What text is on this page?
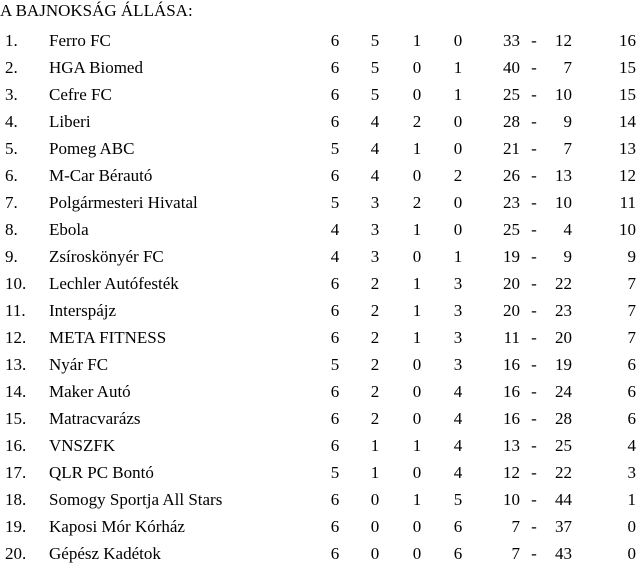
A BAJNOKSÁG ÁLLÁSA:
1. Ferro FC	6	5	1	0	33 -	12	16
2. HGA Biomed	6	5	0	1	40 -	7	15
3. Cefre FC	6	5	0	1	25 -	10	15
4. Liberi	6	4	2	0	28 -	9	14
5. Pomeg ABC	5	4	1	0	21 -	7	13
6. M-Car Bérautó	6	4	0	2	26 -	13	12
7. Polgármesteri Hivatal	5	3	2	0	23 -	10	11
8. Ebola	4	3	1	0	25 -	4	10
9. Zsíroskönyér FC	4	3	0	1	19 -	9	9
10. Lechler Autófesték	6	2	1	3	20 -	22	7
11. Interspájz	6	2	1	3	20 -	23	7
12. META FITNESS	6	2	1	3	11 -	20	7
13. Nyár FC	5	2	0	3	16 -	19	6
14. Maker Autó	6	2	0	4	16 -	24	6
15. Matracvarázs	6	2	0	4	16 -	28	6
16. VNSZFK	6	1	1	4	13 -	25	4
17. QLR PC Bontó	5	1	0	4	12 -	22	3
18. Somogy Sportja All Stars	6	0	1	5	10 -	44	1
19. Kaposi Mór Kórház	6	0	0	6	7 -	37	0
20. Gépész Kadétok	6	0	0	6	7 -	43	0
